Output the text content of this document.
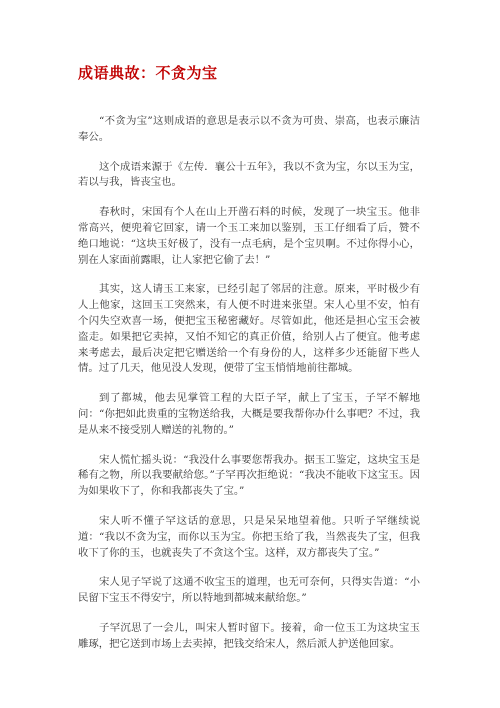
成语典故：不贪为宝

“不贪为宝”这则成语的意思是表示以不贪为可贵、崇高，也表示廉洁奉公。

这个成语来源于《左传．襄公十五年》，我以不贪为宝，尔以玉为宝，若以与我，皆丧宝也。

春秋时，宋国有个人在山上开凿石料的时候，发现了一块宝玉。他非常高兴，便兜着它回家，请一个玉工来加以鉴别，玉工仔细看了后，赞不绝口地说：“这块玉好极了，没有一点毛病，是个宝贝啊。不过你得小心，别在人家面前露眼，让人家把它偷了去！”

其实，这人请玉工来家，已经引起了邻居的注意。原来，平时极少有人上他家，这回玉工突然来，有人便不时进来张望。宋人心里不安，怕有个闪失空欢喜一场，便把宝玉秘密藏好。尽管如此，他还是担心宝玉会被盗走。如果把它卖掉，又怕不知它的真正价值，给别人占了便宜。他考虑来考虑去，最后决定把它赠送给一个有身份的人，这样多少还能留下些人情。过了几天，他见没人发现，便带了宝玉悄悄地前往都城。

到了都城，他去见掌管工程的大臣子罕，献上了宝玉，子罕不解地问：“你把如此贵重的宝物送给我，大概是要我帮你办什么事吧？不过，我是从来不接受别人赠送的礼物的。”

宋人慌忙摇头说：“我没什么事要您帮我办。据玉工鉴定，这块宝玉是稀有之物，所以我要献给您。”子罕再次拒绝说：“我决不能收下这宝玉。因为如果收下了，你和我都丧失了宝。”

宋人听不懂子罕这话的意思，只是呆呆地望着他。只听子罕继续说道：“我以不贪为宝，而你以玉为宝。你把玉给了我，当然丧失了宝，但我收下了你的玉，也就丧失了不贪这个宝。这样，双方都丧失了宝。”

宋人见子罕说了这通不收宝玉的道理，也无可奈何，只得实告道：“小民留下宝玉不得安宁，所以特地到都城来献给您。”

子罕沉思了一会儿，叫宋人暂时留下。接着，命一位玉工为这块宝玉雕琢，把它送到市场上去卖掉，把钱交给宋人，然后派人护送他回家。
